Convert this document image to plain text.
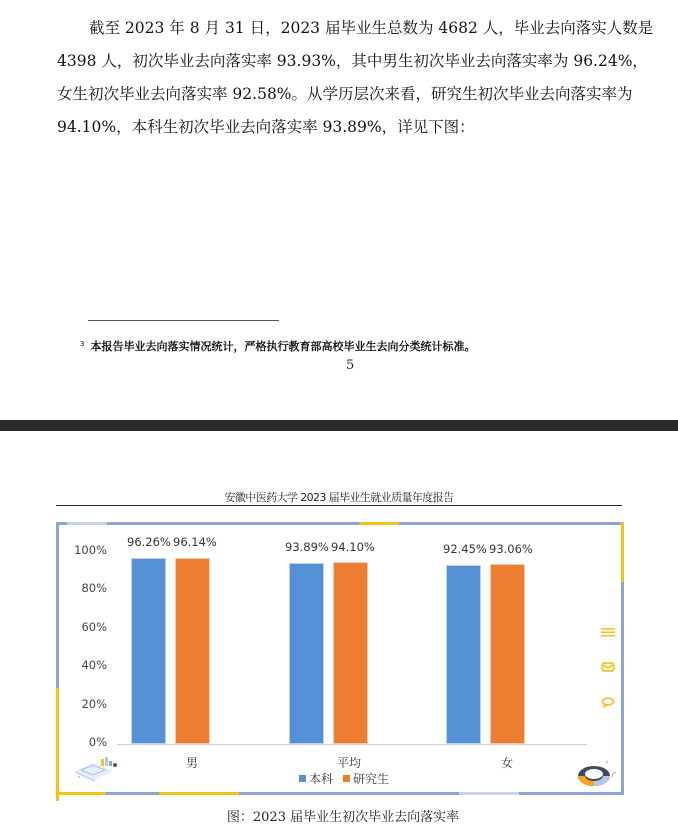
截至 2023 年 8 月 31 日，2023 届毕业生总数为 4682 人，毕业去向落实人数是
4398 人，初次毕业去向落实率 93.93%，其中男生初次毕业去向落实率为 96.24%，
女生初次毕业去向落实率 92.58%。从学历层次来看，研究生初次毕业去向落实率为
94.10%，本科生初次毕业去向落实率 93.89%，详见下图：
$^3$ 本报告毕业去向落实情况统计，严格执行教育部高校毕业生去向分类统计标准。
5
安徽中医药大学 2023 届毕业生就业质量年度报告
100%
80%
60%
40%
20%
0%
96.26% 96.14%	93.89% 94.10%	92.45% 93.06%
男	平均	女
本科 研究生

图：2023 届毕业生初次毕业去向落实率
